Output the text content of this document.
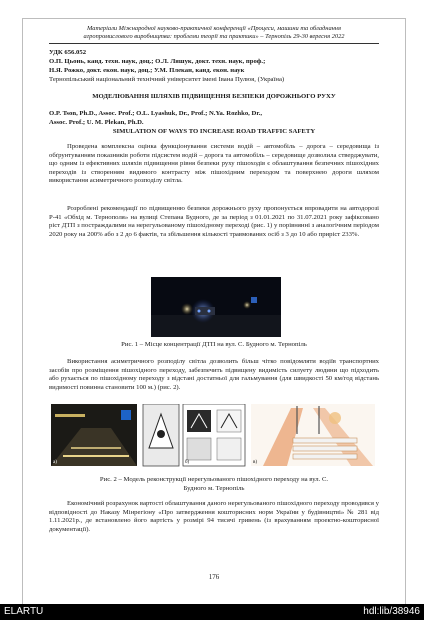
Матеріали Міжнародної науково-практичної конференції «Процеси, машини та обладнання
агропромислового виробництва: проблеми теорії та практики» – Тернопіль 29-30 вересня 2022
УДК 656.052
О.П. Цьонь, канд. техн. наук, доц.; О.Л. Ляшук, докт. техн. наук, проф.;
Н.Я. Рожко, докт. екон. наук, доц.; У.М. Плекан, канд. екон. наук
Тернопільський національний технічний університет імені Івана Пулюя, (Україна)
МОДЕЛЮВАННЯ ШЛЯХІВ ПІДВИЩЕННЯ БЕЗПЕКИ ДОРОЖНЬОГО РУХУ
O.P. Tson, Ph.D., Assoc. Prof.; O.L. Lyashuk, Dr., Prof.; N.Ya. Rozhko, Dr.,
Assoc. Prof.; U. M. Plekan, Ph.D.
SIMULATION OF WAYS TO INCREASE ROAD TRAFFIC SAFETY
Проведена комплексна оцінка функціонування системи водій – автомобіль – дорога – середовища із обґрунтуванням показників роботи підсистем водій – дорога та автомобіль – середовище дозволила стверджувати, що одним із ефективних шляхів підвищення рівня безпеки руху пішоходів є облаштування безпечних пішохідних переходів із створенням видимого контрасту між пішохідним переходом та поверхнею дороги шляхом використання асиметричного розподілу світла.
Розроблені рекомендації по підвищенню безпеки дорожнього руху пропонується впровадити на автодорозі Р-41 «Обхід м. Тернополя» на вулиці Степана Будного, де за період з 01.01.2021 по 31.07.2021 року зафіксовано ріст ДТП з постраждалими на нерегульованому пішохідному переході (рис. 1) у порівнянні з аналогічним періодом 2020 року на 200% або з 2 до 6 фактів, та збільшення кількості травмованих осіб з 3 до 10 або приріст 233%.
Рис. 1 – Місце концентрації ДТП на вул. С. Будного м. Тернопіль
Використання асиметричного розподілу світла дозволить більш чітко повідомляти водіїв транспортних засобів про розміщення пішохідного переходу, забезпечить підвищену видимість силуету людини що підходить або рухається по пішохідному переходу з відстані достатньої для гальмування (для швидкості 50 км/год відстань видимості повинна становити 100 м.) (рис. 2).
a)	б)	в)
Рис. 2 – Модель реконструкції нерегульованого пішохідного переходу на вул. С.
Будного м. Тернопіль
Економічний розрахунок вартості облаштування даного нерегульованого пішохідного переходу проводився у відповідності до Наказу Мінрегіону «Про затвердження кошторисних норм України у будівництві» № 281 від 1.11.2021р., де встановлено його вартість у розмірі 94 тисячі гривень (із врахуванням проектно-кошторисної документації).
176
ELARTU	hdl:lib/38946
